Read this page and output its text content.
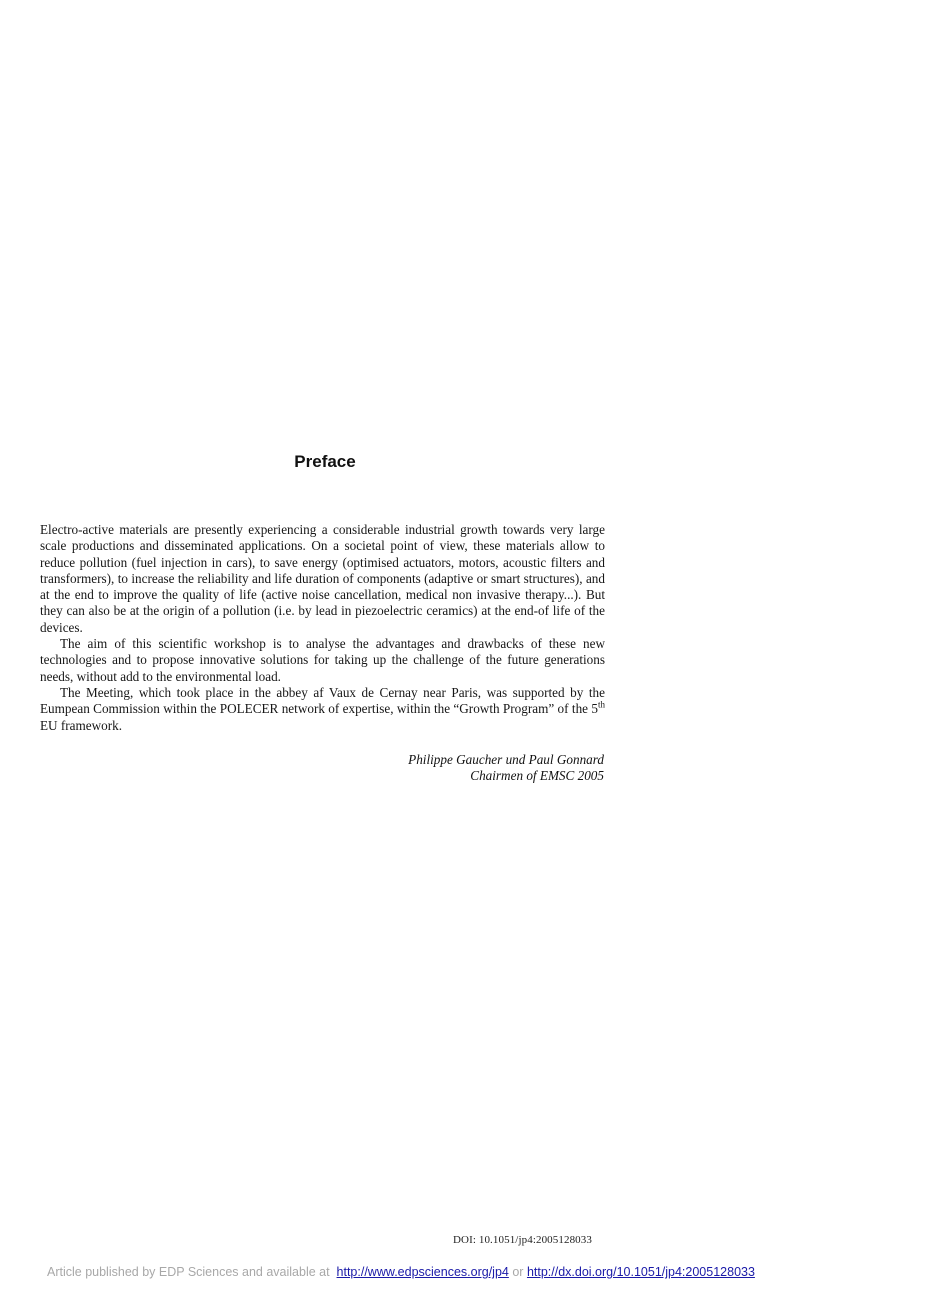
Preface

Electro-active materials are presently experiencing a considerable industrial growth towards very large scale productions and disseminated applications. On a societal point of view, these materials allow to reduce pollution (fuel injection in cars), to save energy (optimised actuators, motors, acoustic filters and transformers), to increase the reliability and life duration of components (adaptive or smart structures), and at the end to improve the quality of life (active noise cancellation, medical non invasive therapy...). But they can also be at the origin of a pollution (i.e. by lead in piezoelectric ceramics) at the end-of life of the devices.

The aim of this scientific workshop is to analyse the advantages and drawbacks of these new technologies and to propose innovative solutions for taking up the challenge of the future generations needs, without add to the environmental load.

The Meeting, which took place in the abbey af Vaux de Cernay near Paris, was supported by the Eumpean Commission within the POLECER network of expertise, within the “Growth Program” of the 5th EU framework.

Philippe Gaucher und Paul Gonnard
Chairmen of EMSC 2005
DOI: 10.1051/jp4:2005128033
Article published by EDP Sciences and available at http://www.edpsciences.org/jp4 or http://dx.doi.org/10.1051/jp4:2005128033
